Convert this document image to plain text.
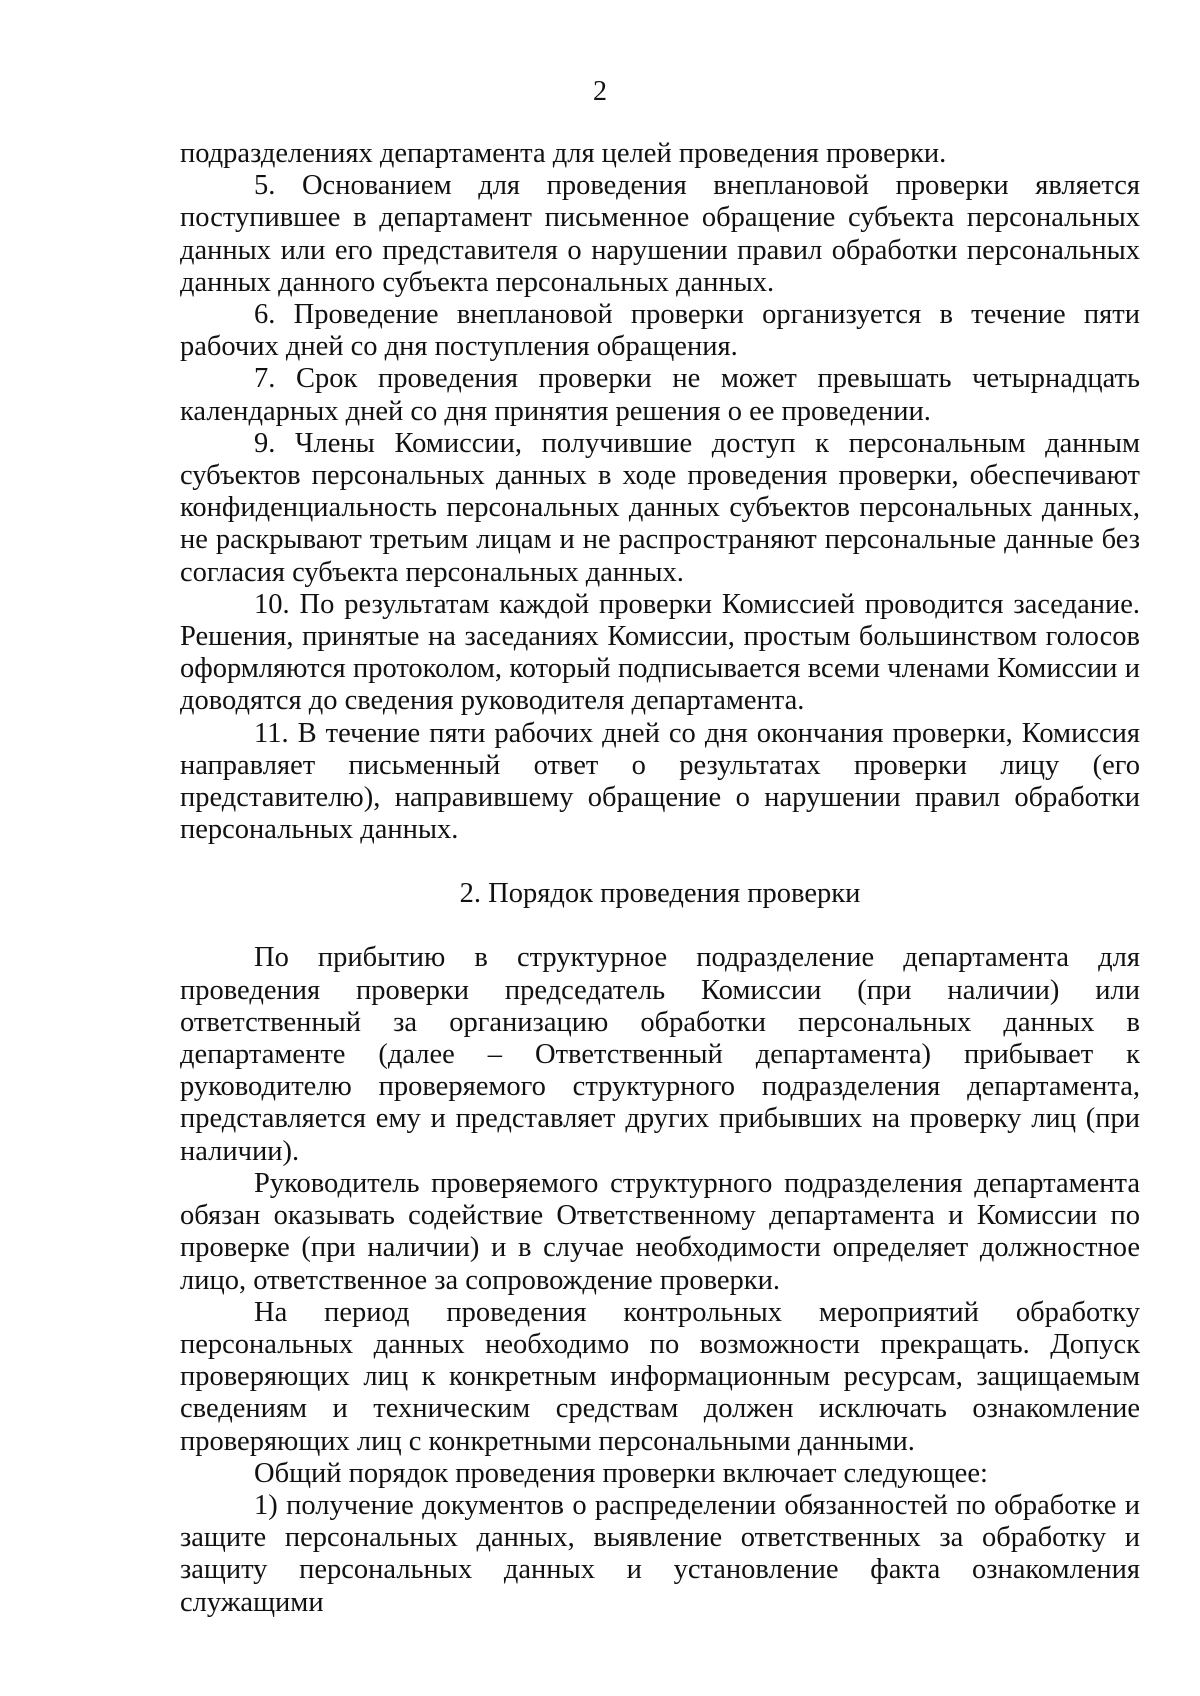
2

подразделениях департамента для целей проведения проверки.

5. Основанием для проведения внеплановой проверки является поступившее в департамент письменное обращение субъекта персональных данных или его представителя о нарушении правил обработки персональных данных данного субъекта персональных данных.

6. Проведение внеплановой проверки организуется в течение пяти рабочих дней со дня поступления обращения.

7. Срок проведения проверки не может превышать четырнадцать календарных дней со дня принятия решения о ее проведении.

9. Члены Комиссии, получившие доступ к персональным данным субъектов персональных данных в ходе проведения проверки, обеспечивают конфиденциальность персональных данных субъектов персональных данных, не раскрывают третьим лицам и не распространяют персональные данные без согласия субъекта персональных данных.

10. По результатам каждой проверки Комиссией проводится заседание. Решения, принятые на заседаниях Комиссии, простым большинством голосов оформляются протоколом, который подписывается всеми членами Комиссии и доводятся до сведения руководителя департамента.

11. В течение пяти рабочих дней со дня окончания проверки, Комиссия направляет письменный ответ о результатах проверки лицу (его представителю), направившему обращение о нарушении правил обработки персональных данных.

2. Порядок проведения проверки

По прибытию в структурное подразделение департамента для проведения проверки председатель Комиссии (при наличии) или ответственный за организацию обработки персональных данных в департаменте (далее – Ответственный департамента) прибывает к руководителю проверяемого структурного подразделения департамента, представляется ему и представляет других прибывших на проверку лиц (при наличии).

Руководитель проверяемого структурного подразделения департамента обязан оказывать содействие Ответственному департамента и Комиссии по проверке (при наличии) и в случае необходимости определяет должностное лицо, ответственное за сопровождение проверки.

На период проведения контрольных мероприятий обработку персональных данных необходимо по возможности прекращать. Допуск проверяющих лиц к конкретным информационным ресурсам, защищаемым сведениям и техническим средствам должен исключать ознакомление проверяющих лиц с конкретными персональными данными.

Общий порядок проведения проверки включает следующее:

1) получение документов о распределении обязанностей по обработке и защите персональных данных, выявление ответственных за обработку и защиту персональных данных и установление факта ознакомления служащими
